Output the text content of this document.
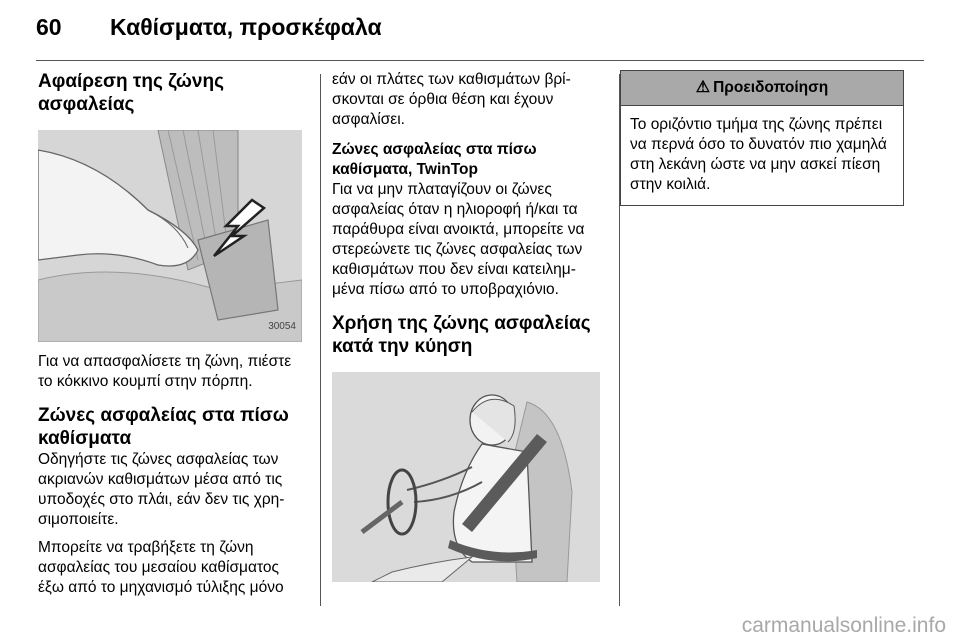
60 Καθίσματα, προσκέφαλα
Αφαίρεση της ζώνης ασφαλείας
30054

Για να απασφαλίσετε τη ζώνη, πιέστε το κόκκινο κουμπί στην πόρπη.

Ζώνες ασφαλείας στα πίσω καθίσματα

Οδηγήστε τις ζώνες ασφαλείας των ακριανών καθισμάτων μέσα από τις υποδοχές στο πλάι, εάν δεν τις χρησιμοποιείτε.

Μπορείτε να τραβήξετε τη ζώνη ασφαλείας του μεσαίου καθίσματος έξω από το μηχανισμό τύλιξης μόνο

εάν οι πλάτες των καθισμάτων βρίσκονται σε όρθια θέση και έχουν ασφαλίσει.

Ζώνες ασφαλείας στα πίσω καθίσματα, TwinTop

Για να μην πλαταγίζουν οι ζώνες ασφαλείας όταν η ηλιοροφή ή/και τα παράθυρα είναι ανοικτά, μπορείτε να στερεώνετε τις ζώνες ασφαλείας των καθισμάτων που δεν είναι κατειλημμένα πίσω από το υποβραχιόνιο.

Χρήση της ζώνης ασφαλείας κατά την κύηση
⚠ Προειδοποίηση
Το οριζόντιο τμήμα της ζώνης πρέπει να περνά όσο το δυνατόν πιο χαμηλά στη λεκάνη ώστε να μην ασκεί πίεση στην κοιλιά.
carmanualsonline.info
